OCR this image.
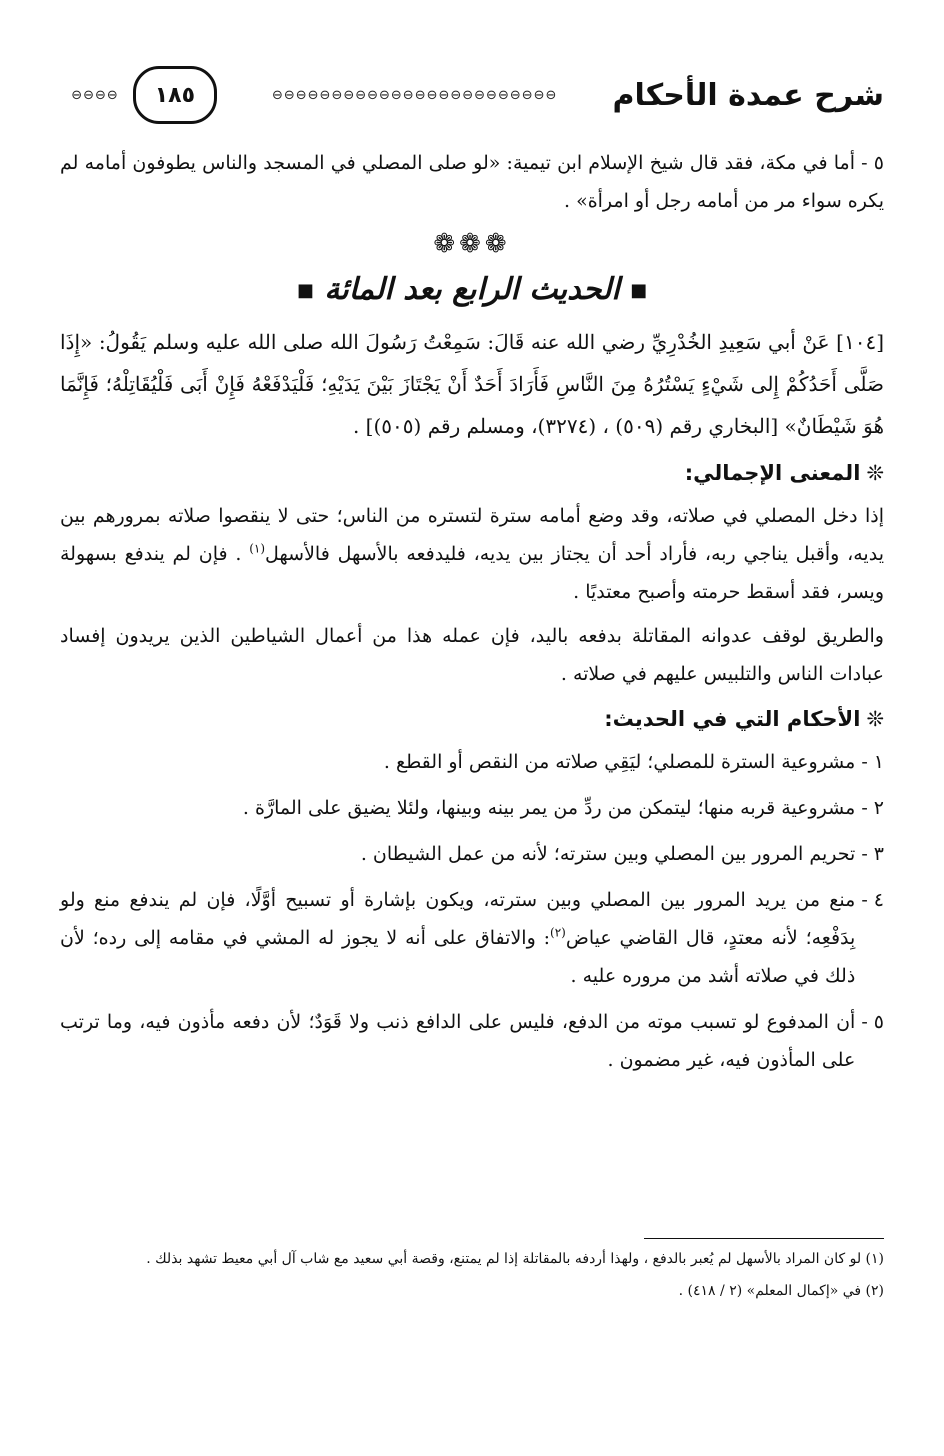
شرح عمدة الأحكام
⊖⊖⊖⊖⊖⊖⊖⊖⊖⊖⊖⊖⊖⊖⊖⊖⊖⊖⊖⊖⊖⊖⊖⊖
١٨٥
⊖⊖⊖⊖

٥ - أما في مكة، فقد قال شيخ الإسلام ابن تيمية: «لو صلى المصلي في المسجد والناس يطوفون أمامه لم يكره سواء مر من أمامه رجل أو امرأة» .

❁❁❁
■ الحديث الرابع بعد المائة ■

[١٠٤] عَنْ أبي سَعِيدِ الخُدْرِيِّ رضي الله عنه قَالَ: سَمِعْتُ رَسُولَ الله صلى الله عليه وسلم يَقُولُ: «إِذَا صَلَّى أَحَدُكُمْ إِلى شَيْءٍ يَسْتُرُهُ مِنَ النَّاسِ فَأَرَادَ أَحَدٌ أَنْ يَجْتَازَ بَيْنَ يَدَيْهِ؛ فَلْيَدْفَعْهُ فَإِنْ أَبَى فَلْيُقَاتِلْهُ؛ فَإِنَّمَا هُوَ شَيْطَانٌ» [البخاري رقم (٥٠٩) ، (٣٢٧٤)، ومسلم رقم (٥٠٥)] .

❊المعنى الإجمالي:

إذا دخل المصلي في صلاته، وقد وضع أمامه سترة لتستره من الناس؛ حتى لا ينقصوا صلاته بمرورهم بين يديه، وأقبل يناجي ربه، فأراد أحد أن يجتاز بين يديه، فليدفعه بالأسهل فالأسهل$^{(١)}$ . فإن لم يندفع بسهولة ويسر، فقد أسقط حرمته وأصبح معتديًا .

والطريق لوقف عدوانه المقاتلة بدفعه باليد، فإن عمله هذا من أعمال الشياطين الذين يريدون إفساد عبادات الناس والتلبيس عليهم في صلاته .

❊الأحكام التي في الحديث:
١ -
مشروعية السترة للمصلي؛ ليَقِي صلاته من النقص أو القطع .
٢ -
مشروعية قربه منها؛ ليتمكن من ردِّ من يمر بينه وبينها، ولئلا يضيق على المارَّة .
٣ -
تحريم المرور بين المصلي وبين سترته؛ لأنه من عمل الشيطان .
٤ -
منع من يريد المرور بين المصلي وبين سترته، ويكون بإشارة أو تسبيح أوَّلًا، فإن لم يندفع منع ولو بِدَفْعِه؛ لأنه معتدٍ، قال القاضي عياض$^{(٢)}$: والاتفاق على أنه لا يجوز له المشي في مقامه إلى رده؛ لأن ذلك في صلاته أشد من مروره عليه .
٥ -
أن المدفوع لو تسبب موته من الدفع، فليس على الدافع ذنب ولا قَوَدٌ؛ لأن دفعه مأذون فيه، وما ترتب على المأذون فيه، غير مضمون .

(١) لو كان المراد بالأسهل لم يُعبر بالدفع ، ولهذا أردفه بالمقاتلة إذا لم يمتنع، وقصة أبي سعيد مع شاب آل أبي معيط تشهد بذلك .

(٢) في «إكمال المعلم» (٢ / ٤١٨) .
